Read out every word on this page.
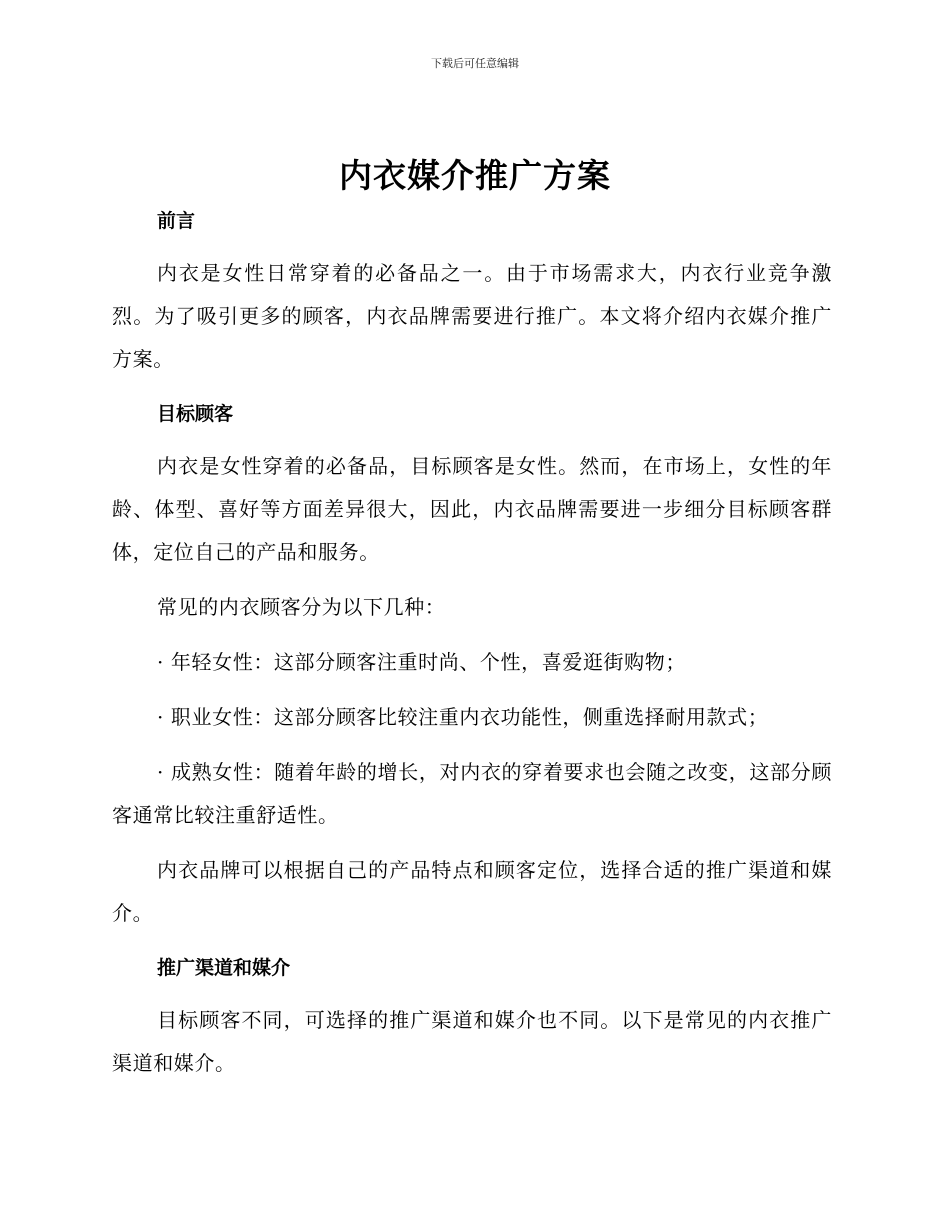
下载后可任意编辑
内衣媒介推广方案
前言

内衣是女性日常穿着的必备品之一。由于市场需求大，内衣行业竞争激烈。为了吸引更多的顾客，内衣品牌需要进行推广。本文将介绍内衣媒介推广方案。

目标顾客

内衣是女性穿着的必备品，目标顾客是女性。然而，在市场上，女性的年龄、体型、喜好等方面差异很大，因此，内衣品牌需要进一步细分目标顾客群体，定位自己的产品和服务。

常见的内衣顾客分为以下几种：

· 年轻女性：这部分顾客注重时尚、个性，喜爱逛街购物；

· 职业女性：这部分顾客比较注重内衣功能性，侧重选择耐用款式；

· 成熟女性：随着年龄的增长，对内衣的穿着要求也会随之改变，这部分顾客通常比较注重舒适性。

内衣品牌可以根据自己的产品特点和顾客定位，选择合适的推广渠道和媒介。

推广渠道和媒介

目标顾客不同，可选择的推广渠道和媒介也不同。以下是常见的内衣推广渠道和媒介。
